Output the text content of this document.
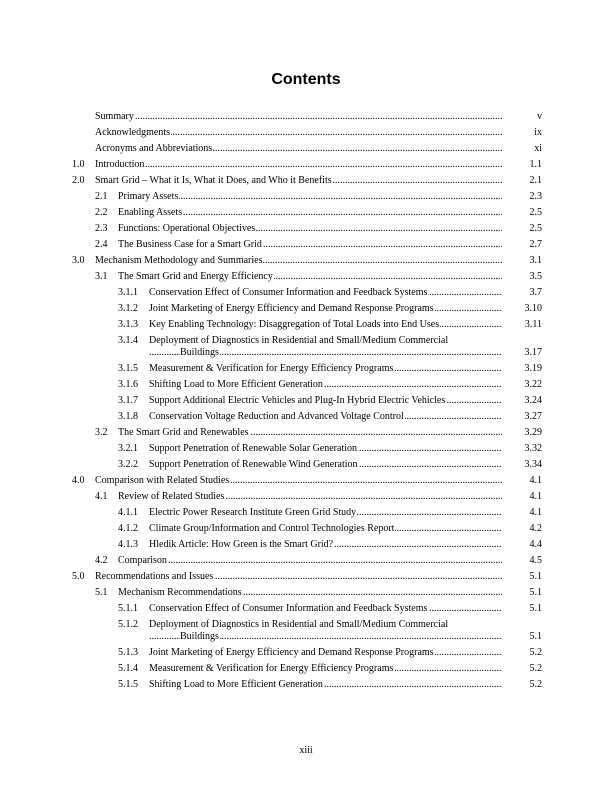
Contents
Summary .....	v
Acknowledgments .....	ix
Acronyms and Abbreviations .....	xi
1.0	Introduction .....	1.1
2.0	Smart Grid – What it Is, What it Does, and Who it Benefits .....	2.1
2.1	Primary Assets .....	2.3
2.2	Enabling Assets .....	2.5
2.3	Functions: Operational Objectives .....	2.5
2.4	The Business Case for a Smart Grid .....	2.7
3.0	Mechanism Methodology and Summaries .....	3.1
3.1	The Smart Grid and Energy Efficiency .....	3.5
3.1.1	Conservation Effect of Consumer Information and Feedback Systems .....	3.7
3.1.2	Joint Marketing of Energy Efficiency and Demand Response Programs .....	3.10
3.1.3	Key Enabling Technology: Disaggregation of Total Loads into End Uses .....	3.11
3.1.4	Deployment of Diagnostics in Residential and Small/Medium Commercial
Buildings .....	3.17
3.1.5	Measurement & Verification for Energy Efficiency Programs .....	3.19
3.1.6	Shifting Load to More Efficient Generation .....	3.22
3.1.7	Support Additional Electric Vehicles and Plug-In Hybrid Electric Vehicles .....	3.24
3.1.8	Conservation Voltage Reduction and Advanced Voltage Control .....	3.27
3.2	The Smart Grid and Renewables .....	3.29
3.2.1	Support Penetration of Renewable Solar Generation .....	3.32
3.2.2	Support Penetration of Renewable Wind Generation .....	3.34
4.0	Comparison with Related Studies .....	4.1
4.1	Review of Related Studies .....	4.1
4.1.1	Electric Power Research Institute Green Grid Study .....	4.1
4.1.2	Climate Group/Information and Control Technologies Report .....	4.2
4.1.3	Hledik Article: How Green is the Smart Grid? .....	4.4
4.2	Comparison .....	4.5
5.0	Recommendations and Issues .....	5.1
5.1	Mechanism Recommendations .....	5.1
5.1.1	Conservation Effect of Consumer Information and Feedback Systems .....	5.1
5.1.2	Deployment of Diagnostics in Residential and Small/Medium Commercial
Buildings .....	5.1
5.1.3	Joint Marketing of Energy Efficiency and Demand Response Programs .....	5.2
5.1.4	Measurement & Verification for Energy Efficiency Programs .....	5.2
5.1.5	Shifting Load to More Efficient Generation .....	5.2
xiii
